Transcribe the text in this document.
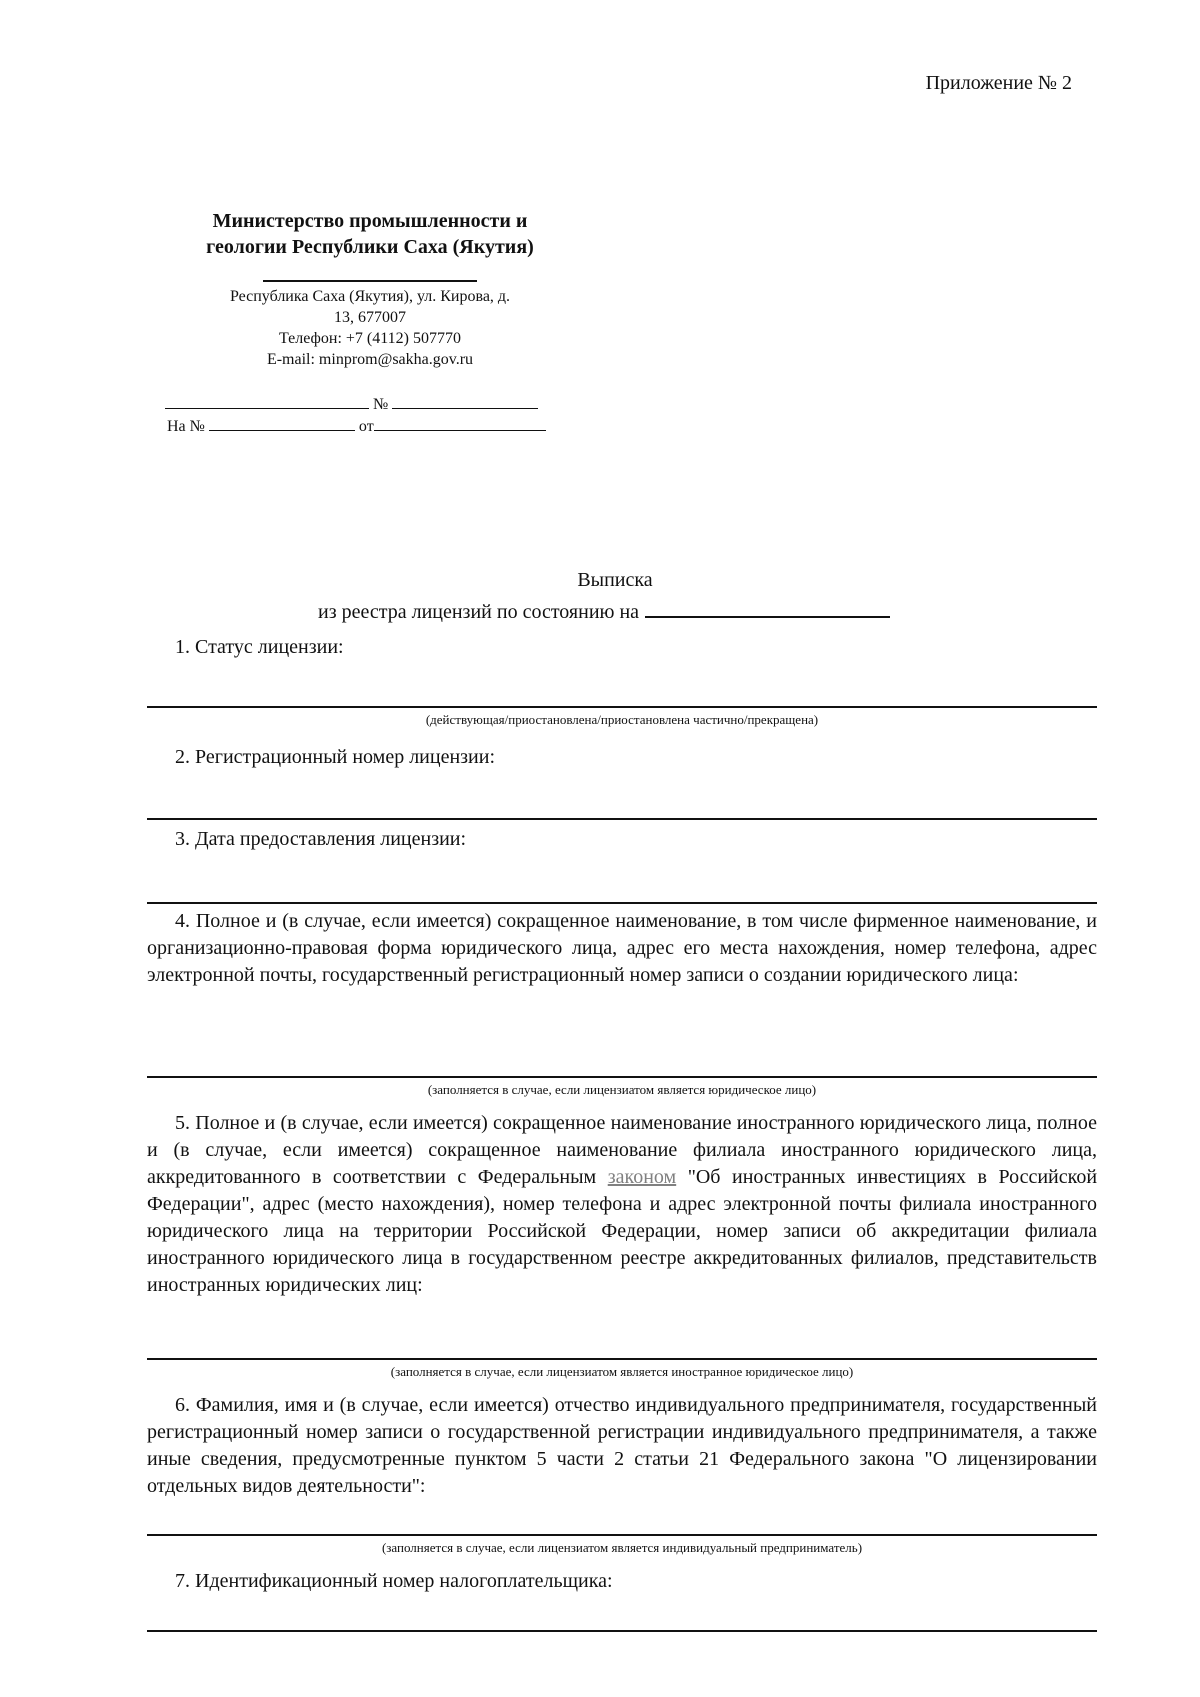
Приложение № 2
Министерство промышленности и
геологии Республики Саха (Якутия)
Республика Саха (Якутия), ул. Кирова, д.
13, 677007
Телефон: +7 (4112) 507770
E-mail: minprom@sakha.gov.ru
№
На №	от
Выписка
из реестра лицензий по состоянию на
1. Статус лицензии:
(действующая/приостановлена/приостановлена частично/прекращена)
2. Регистрационный номер лицензии:
3. Дата предоставления лицензии:
4. Полное и (в случае, если имеется) сокращенное наименование, в том числе фирменное наименование, и организационно-правовая форма юридического лица, адрес его места нахождения, номер телефона, адрес электронной почты, государственный регистрационный номер записи о создании юридического лица:
(заполняется в случае, если лицензиатом является юридическое лицо)
5. Полное и (в случае, если имеется) сокращенное наименование иностранного юридического лица, полное и (в случае, если имеется) сокращенное наименование филиала иностранного юридического лица, аккредитованного в соответствии с Федеральным законом "Об иностранных инвестициях в Российской Федерации", адрес (место нахождения), номер телефона и адрес электронной почты филиала иностранного юридического лица на территории Российской Федерации, номер записи об аккредитации филиала иностранного юридического лица в государственном реестре аккредитованных филиалов, представительств иностранных юридических лиц:
(заполняется в случае, если лицензиатом является иностранное юридическое лицо)
6. Фамилия, имя и (в случае, если имеется) отчество индивидуального предпринимателя, государственный регистрационный номер записи о государственной регистрации индивидуального предпринимателя, а также иные сведения, предусмотренные пунктом 5 части 2 статьи 21 Федерального закона "О лицензировании отдельных видов деятельности":
(заполняется в случае, если лицензиатом является индивидуальный предприниматель)
7. Идентификационный номер налогоплательщика:
